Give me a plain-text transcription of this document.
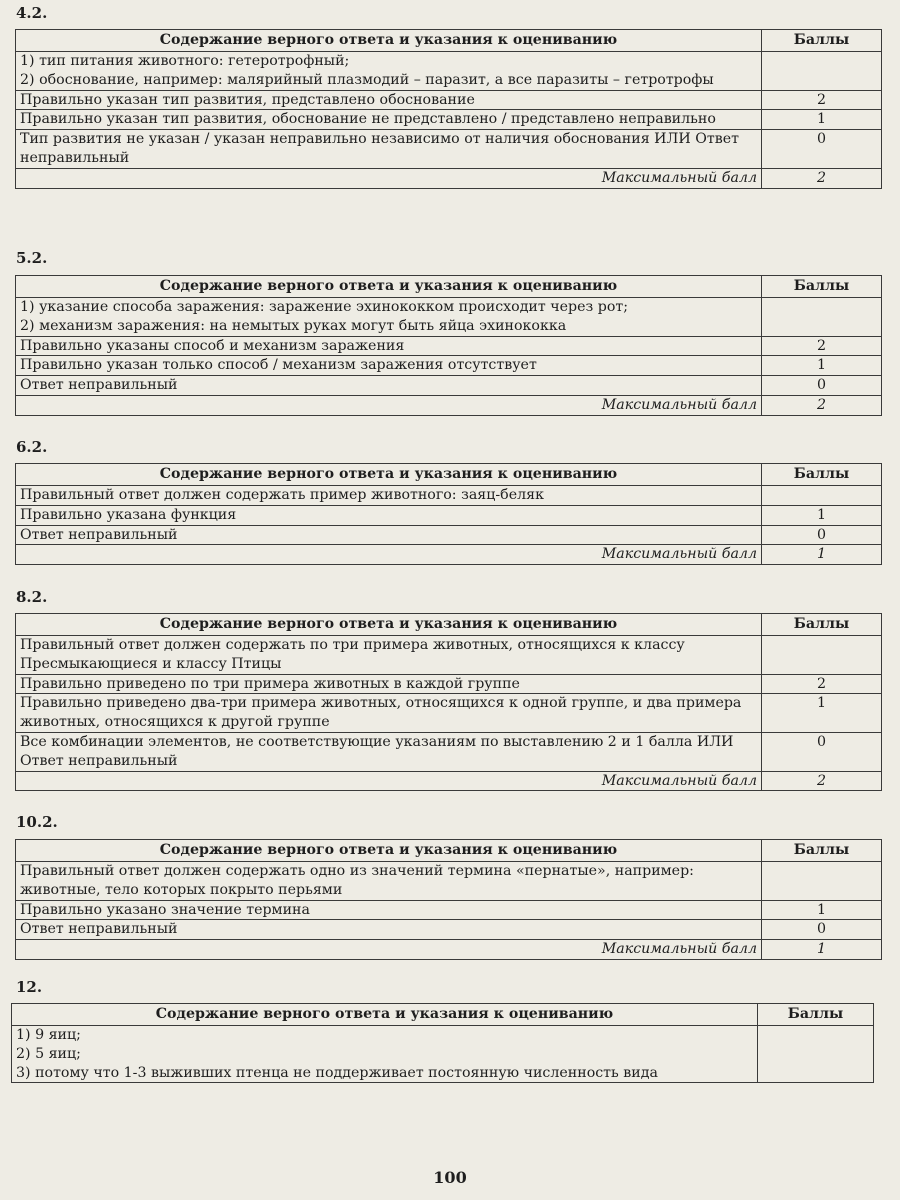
4.2.
Содержание верного ответа и указания к оцениванию	Баллы

1) тип питания животного: гетеротрофный;
2) обоснование, например: малярийный плазмодий – паразит, а все паразиты – гетротрофы	

Правильно указан тип развития, представлено обоснование	2
Правильно указан тип развития, обоснование не представлено / представлено неправильно	1
Тип развития не указан / указан неправильно независимо от наличия обоснования ИЛИ Ответ неправильный	0
Максимальный балл	2
5.2.
Содержание верного ответа и указания к оцениванию	Баллы

1) указание способа заражения: заражение эхинококком происходит через рот;
2) механизм заражения: на немытых руках могут быть яйца эхинококка	

Правильно указаны способ и механизм заражения	2
Правильно указан только способ / механизм заражения отсутствует	1
Ответ неправильный	0
Максимальный балл	2
6.2.
Содержание верного ответа и указания к оцениванию	Баллы

Правильный ответ должен содержать пример животного: заяц-беляк	

Правильно указана функция	1
Ответ неправильный	0
Максимальный балл	1
8.2.
Содержание верного ответа и указания к оцениванию	Баллы

Правильный ответ должен содержать по три примера животных, относящихся к классу Пресмыкающиеся и классу Птицы	

Правильно приведено по три примера животных в каждой группе	2
Правильно приведено два-три примера животных, относящихся к одной группе, и два примера животных, относящихся к другой группе	1
Все комбинации элементов, не соответствующие указаниям по выставлению 2 и 1 балла ИЛИ Ответ неправильный	0
Максимальный балл	2
10.2.
Содержание верного ответа и указания к оцениванию	Баллы

Правильный ответ должен содержать одно из значений термина «пернатые», например: животные, тело которых покрыто перьями	

Правильно указано значение термина	1
Ответ неправильный	0
Максимальный балл	1
12.
Содержание верного ответа и указания к оцениванию	Баллы

1) 9 яиц;
2) 5 яиц;
3) потому что 1-3 выживших птенца не поддерживает постоянную численность вида	

100
